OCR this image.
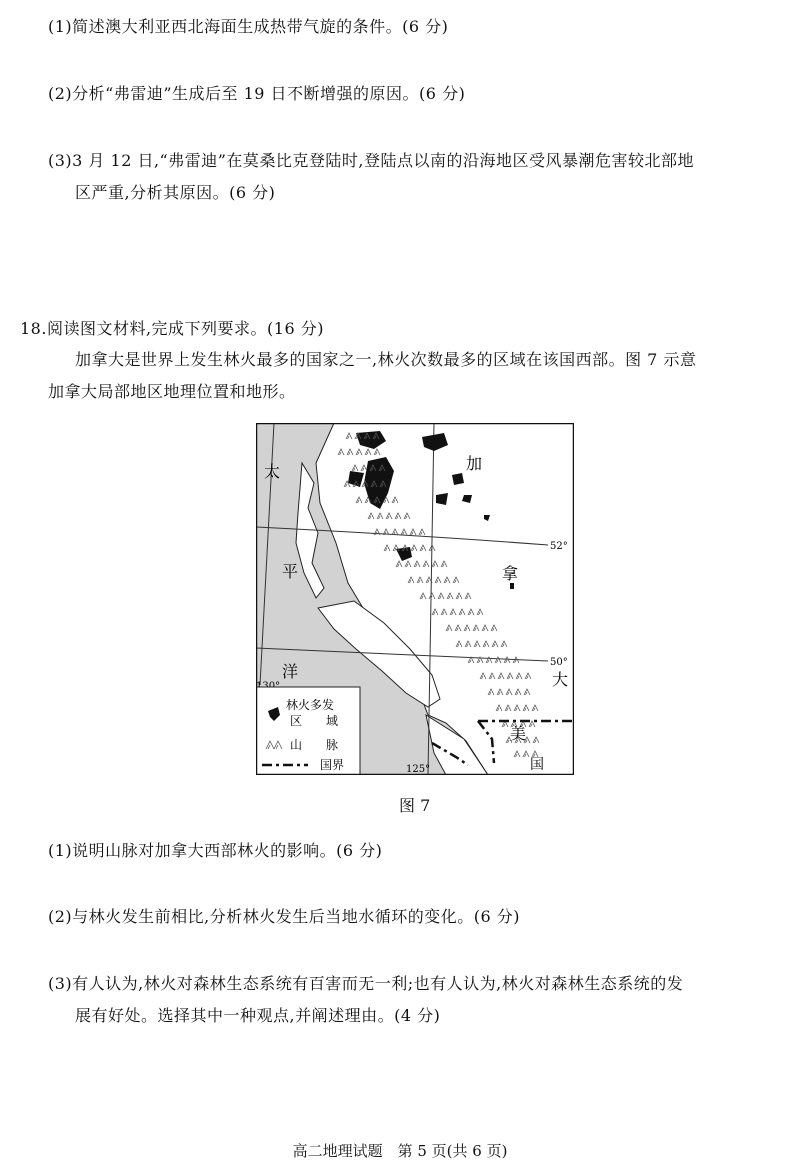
(1)简述澳大利亚西北海面生成热带气旋的条件。(6 分)
(2)分析“弗雷迪”生成后至 19 日不断增强的原因。(6 分)
(3)3 月 12 日,“弗雷迪”在莫桑比克登陆时,登陆点以南的沿海地区受风暴潮危害较北部地
区严重,分析其原因。(6 分)
18.阅读图文材料,完成下列要求。(16 分)
加拿大是世界上发生林火最多的国家之一,林火次数最多的区域在该国西部。图 7 示意
加拿大局部地区地理位置和地形。
太
平
洋
加
拿
大
美
国
52°
50°
125°
林火多发
区 域
山 脉
国界
图 7
(1)说明山脉对加拿大西部林火的影响。(6 分)
(2)与林火发生前相比,分析林火发生后当地水循环的变化。(6 分)
(3)有人认为,林火对森林生态系统有百害而无一利;也有人认为,林火对森林生态系统的发
展有好处。选择其中一种观点,并阐述理由。(4 分)
高二地理试题　第 5 页(共 6 页)
